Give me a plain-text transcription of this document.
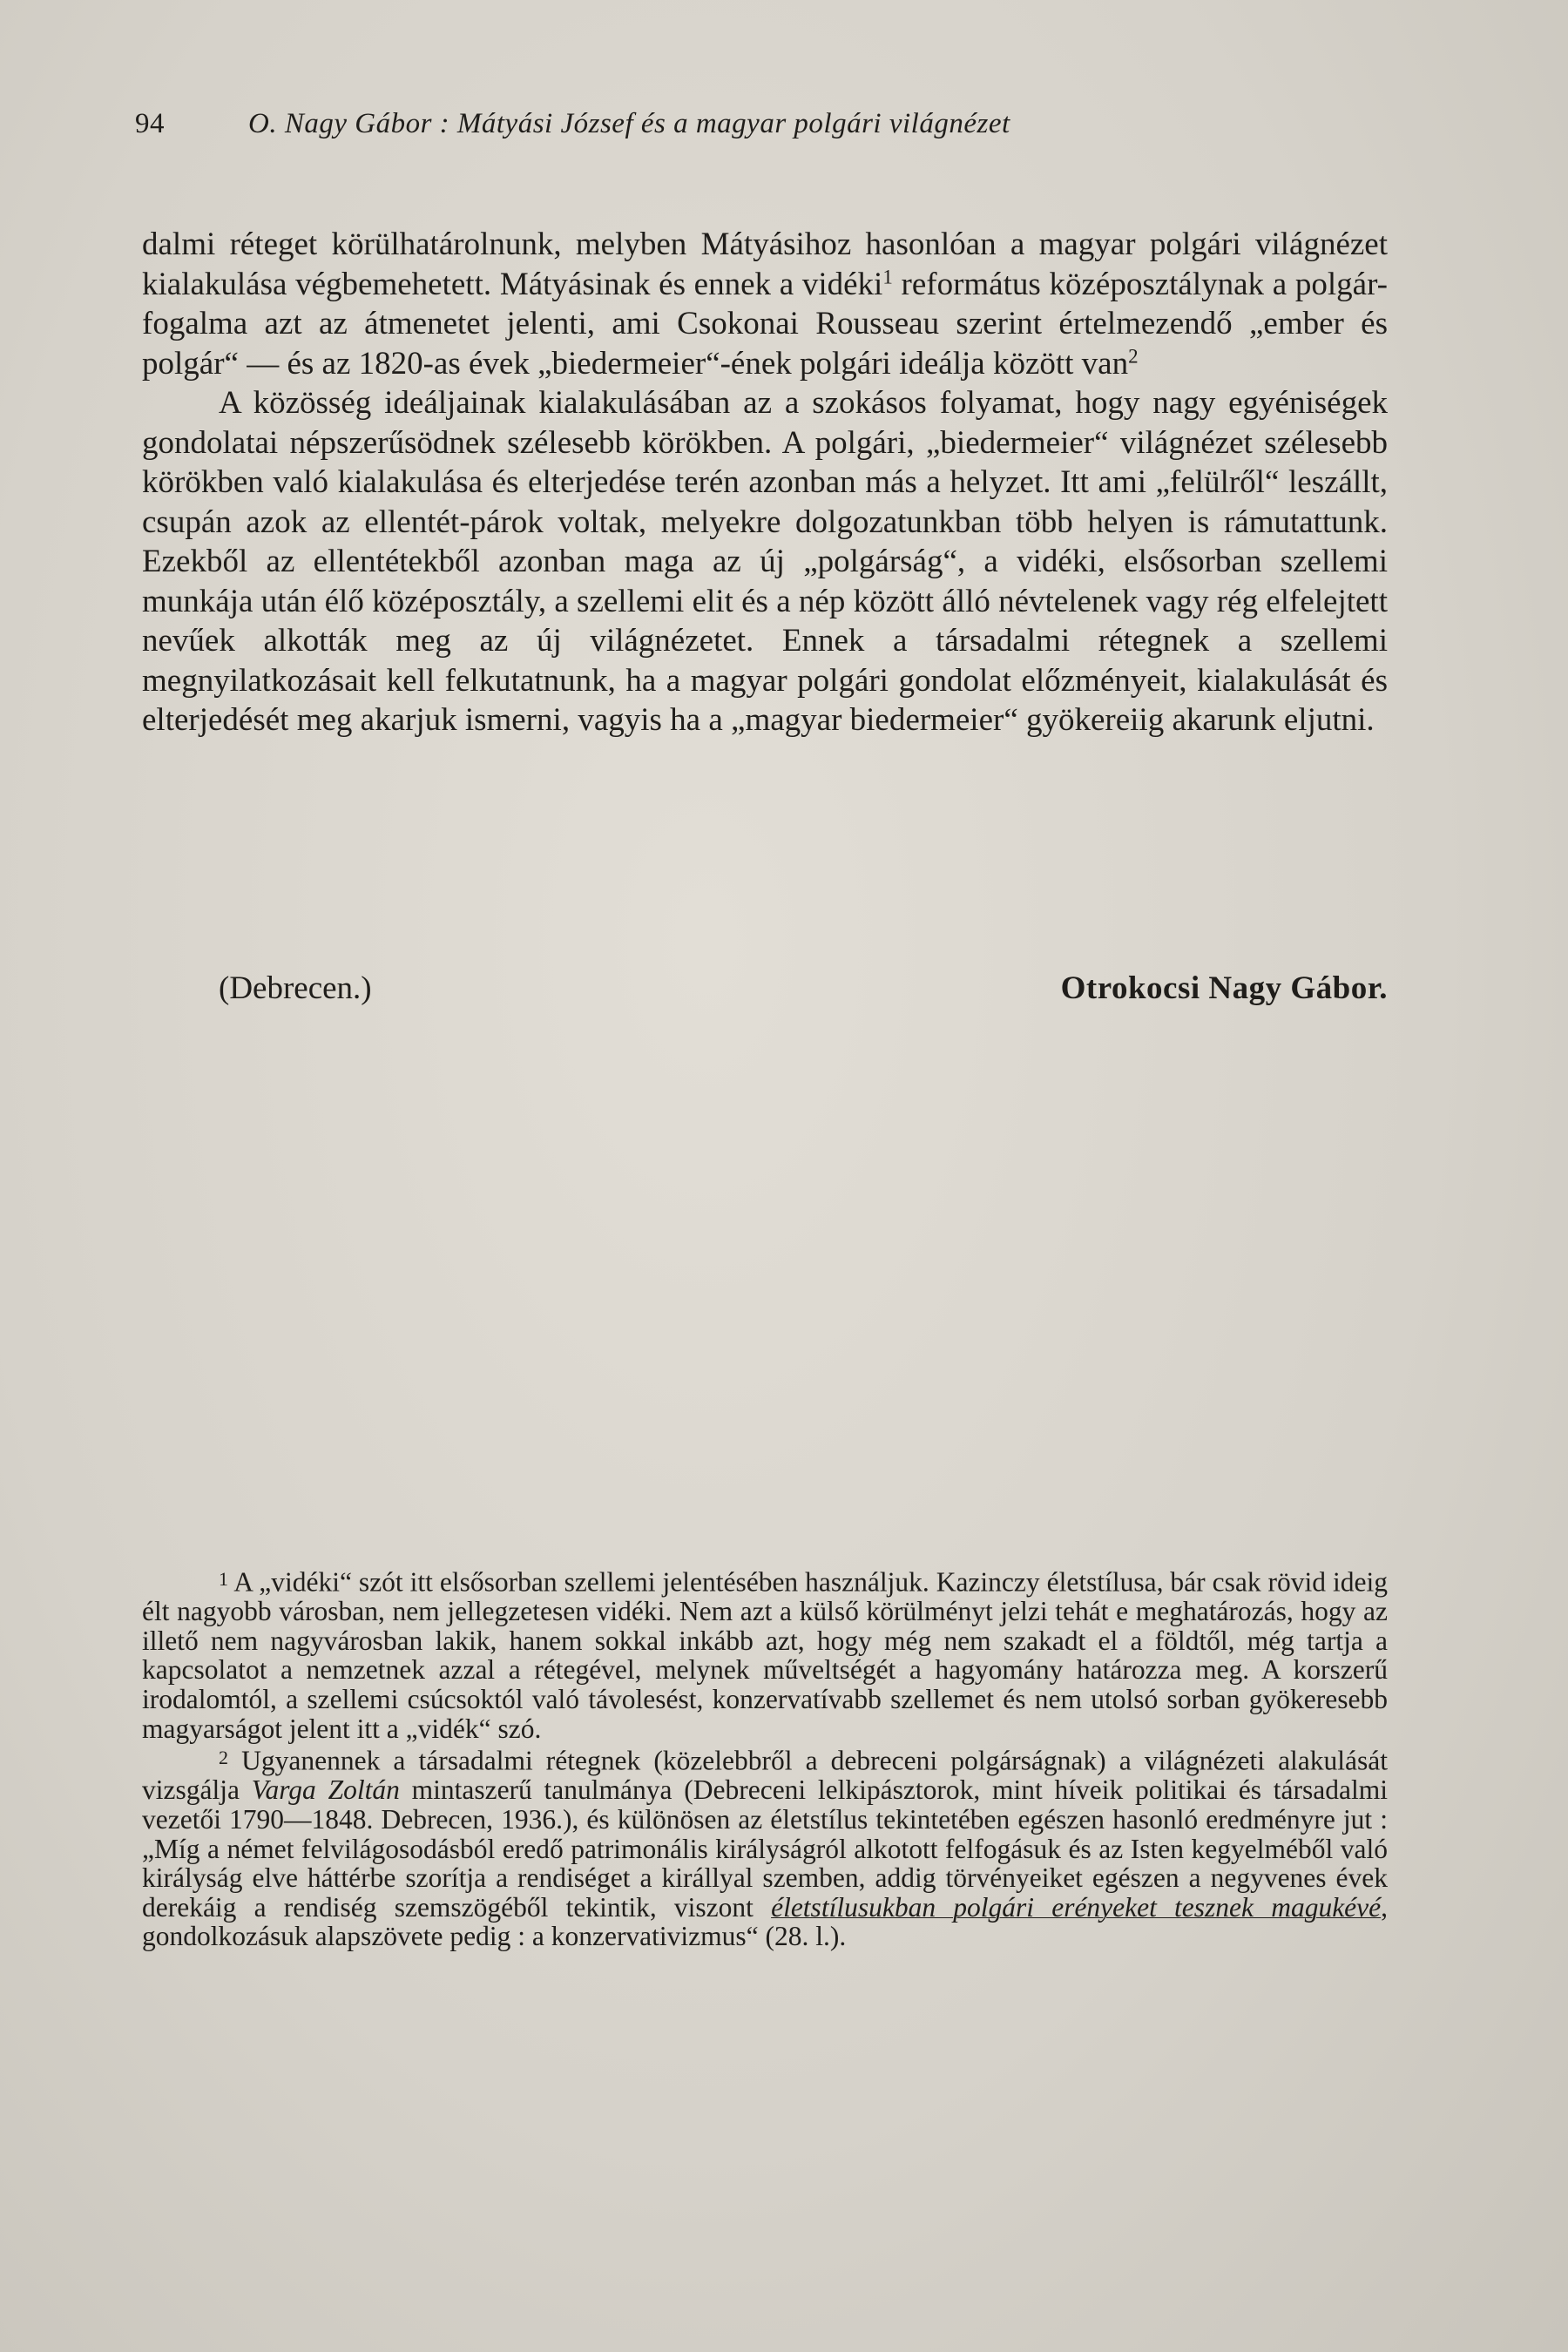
94	O. Nagy Gábor : Mátyási József és a magyar polgári világnézet

dalmi réteget körülhatárolnunk, melyben Mátyásihoz hasonlóan a magyar polgári világnézet kialakulása végbemehetett. Mátyásinak és ennek a vidéki$^1$ református középosztálynak a polgár-fogalma azt az átmenetet jelenti, ami Csokonai Rousseau szerint értelmezendő „ember és polgár“ — és az 1820-as évek „biedermeier“-ének polgári ideálja között van$^2$

A közösség ideáljainak kialakulásában az a szokásos folyamat, hogy nagy egyéniségek gondolatai népszerűsödnek szélesebb körökben. A polgári, „biedermeier“ világnézet szélesebb körökben való kialakulása és elterjedése terén azonban más a helyzet. Itt ami „felülről“ leszállt, csupán azok az ellentét-párok voltak, melyekre dolgozatunkban több helyen is rámutattunk. Ezekből az ellentétekből azonban maga az új „polgárság“, a vidéki, elsősorban szellemi munkája után élő középosztály, a szellemi elit és a nép között álló névtelenek vagy rég elfelejtett nevűek alkották meg az új világnézetet. Ennek a társadalmi rétegnek a szellemi megnyilatkozásait kell felkutatnunk, ha a magyar polgári gondolat előzményeit, kialakulását és elterjedését meg akarjuk ismerni, vagyis ha a „magyar biedermeier“ gyökereiig akarunk eljutni.

(Debrecen.)	Otrokocsi Nagy Gábor.

$^1$ A „vidéki“ szót itt elsősorban szellemi jelentésében használjuk. Kazinczy életstílusa, bár csak rövid ideig élt nagyobb városban, nem jellegzetesen vidéki. Nem azt a külső körülményt jelzi tehát e meghatározás, hogy az illető nem nagyvárosban lakik, hanem sokkal inkább azt, hogy még nem szakadt el a földtől, még tartja a kapcsolatot a nemzetnek azzal a rétegével, melynek műveltségét a hagyomány határozza meg. A korszerű irodalomtól, a szellemi csúcsoktól való távolesést, konzervatívabb szellemet és nem utolsó sorban gyökeresebb magyarságot jelent itt a „vidék“ szó.

$^2$ Ugyanennek a társadalmi rétegnek (közelebbről a debreceni polgárságnak) a világnézeti alakulását vizsgálja Varga Zoltán mintaszerű tanulmánya (Debreceni lelkipásztorok, mint híveik politikai és társadalmi vezetői 1790—1848. Debrecen, 1936.), és különösen az életstílus tekintetében egészen hasonló eredményre jut : „Míg a német felvilágosodásból eredő patrimonális királyságról alkotott felfogásuk és az Isten kegyelméből való királyság elve háttérbe szorítja a rendiséget a királlyal szemben, addig törvényeiket egészen a negyvenes évek derekáig a rendiség szemszögéből tekintik, viszont életstílusukban polgári erényeket tesznek magukévé, gondolkozásuk alapszövete pedig : a konzervativizmus“ (28. l.).
